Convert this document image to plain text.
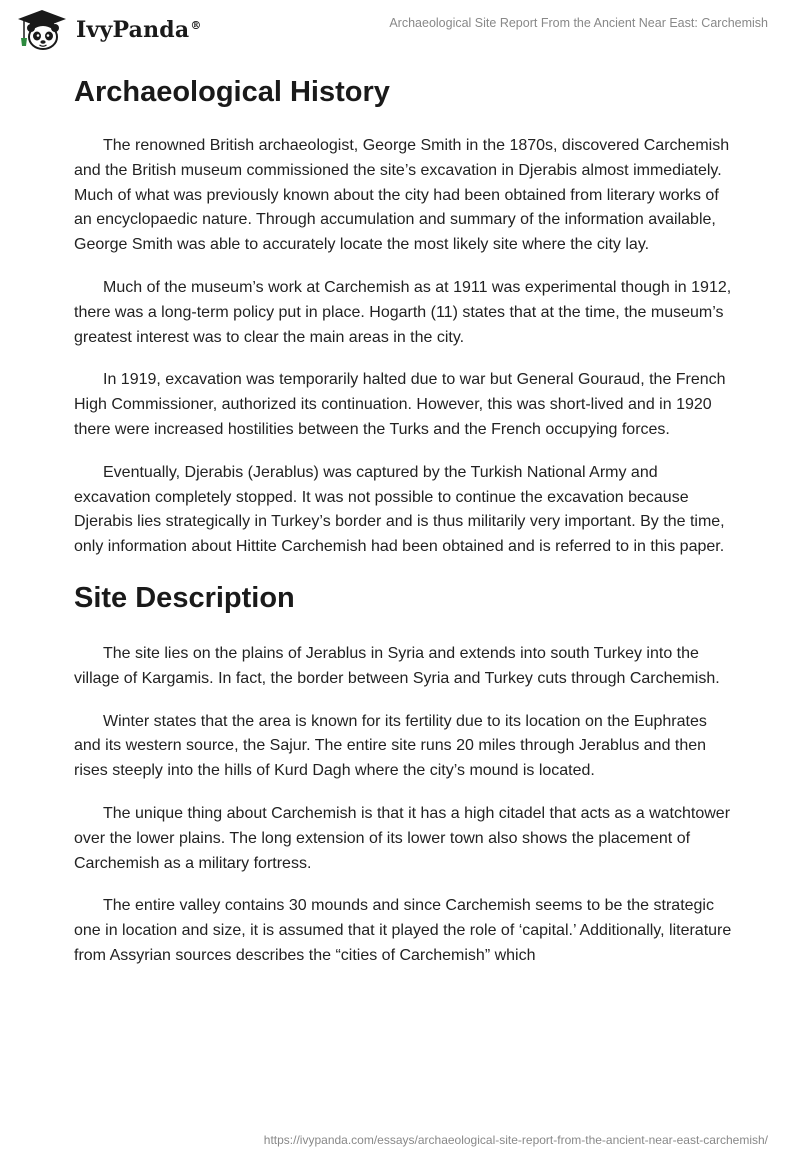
IvyPanda®	Archaeological Site Report From the Ancient Near East: Carchemish
Archaeological History

The renowned British archaeologist, George Smith in the 1870s, discovered Carchemish and the British museum commissioned the site’s excavation in Djerabis almost immediately. Much of what was previously known about the city had been obtained from literary works of an encyclopaedic nature. Through accumulation and summary of the information available, George Smith was able to accurately locate the most likely site where the city lay.

Much of the museum’s work at Carchemish as at 1911 was experimental though in 1912, there was a long-term policy put in place. Hogarth (11) states that at the time, the museum’s greatest interest was to clear the main areas in the city.

In 1919, excavation was temporarily halted due to war but General Gouraud, the French High Commissioner, authorized its continuation. However, this was short-lived and in 1920 there were increased hostilities between the Turks and the French occupying forces.

Eventually, Djerabis (Jerablus) was captured by the Turkish National Army and excavation completely stopped. It was not possible to continue the excavation because Djerabis lies strategically in Turkey’s border and is thus militarily very important. By the time, only information about Hittite Carchemish had been obtained and is referred to in this paper.

Site Description

The site lies on the plains of Jerablus in Syria and extends into south Turkey into the village of Kargamis. In fact, the border between Syria and Turkey cuts through Carchemish.

Winter states that the area is known for its fertility due to its location on the Euphrates and its western source, the Sajur. The entire site runs 20 miles through Jerablus and then rises steeply into the hills of Kurd Dagh where the city’s mound is located.

The unique thing about Carchemish is that it has a high citadel that acts as a watchtower over the lower plains. The long extension of its lower town also shows the placement of Carchemish as a military fortress.

The entire valley contains 30 mounds and since Carchemish seems to be the strategic one in location and size, it is assumed that it played the role of ‘capital.’ Additionally, literature from Assyrian sources describes the “cities of Carchemish” which

https://ivypanda.com/essays/archaeological-site-report-from-the-ancient-near-east-carchemish/
